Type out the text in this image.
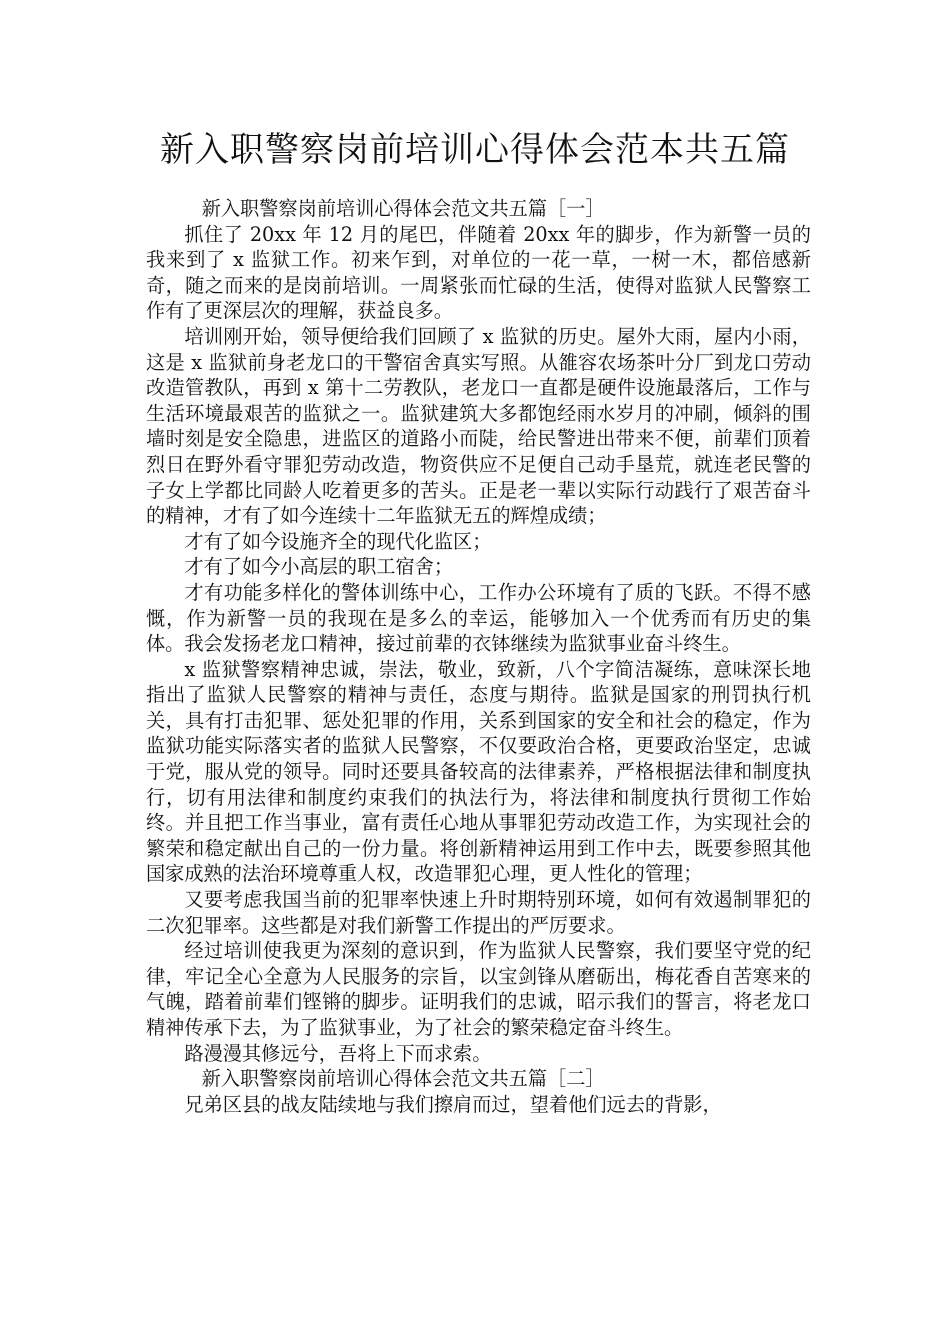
新入职警察岗前培训心得体会范本共五篇

新入职警察岗前培训心得体会范文共五篇［一］

抓住了 20xx 年 12 月的尾巴，伴随着 20xx 年的脚步，作为新警一员的我来到了 x 监狱工作。初来乍到，对单位的一花一草，一树一木，都倍感新奇，随之而来的是岗前培训。一周紧张而忙碌的生活，使得对监狱人民警察工作有了更深层次的理解，获益良多。

培训刚开始，领导便给我们回顾了 x 监狱的历史。屋外大雨，屋内小雨，这是 x 监狱前身老龙口的干警宿舍真实写照。从雒容农场茶叶分厂到龙口劳动改造管教队，再到 x 第十二劳教队，老龙口一直都是硬件设施最落后，工作与生活环境最艰苦的监狱之一。监狱建筑大多都饱经雨水岁月的冲刷，倾斜的围墙时刻是安全隐患，进监区的道路小而陡，给民警进出带来不便，前辈们顶着烈日在野外看守罪犯劳动改造，物资供应不足便自己动手垦荒，就连老民警的子女上学都比同龄人吃着更多的苦头。正是老一辈以实际行动践行了艰苦奋斗的精神，才有了如今连续十二年监狱无五的辉煌成绩；

才有了如今设施齐全的现代化监区；

才有了如今小高层的职工宿舍；

才有功能多样化的警体训练中心，工作办公环境有了质的飞跃。不得不感慨，作为新警一员的我现在是多么的幸运，能够加入一个优秀而有历史的集体。我会发扬老龙口精神，接过前辈的衣钵继续为监狱事业奋斗终生。

x 监狱警察精神忠诚，崇法，敬业，致新，八个字简洁凝练，意味深长地指出了监狱人民警察的精神与责任，态度与期待。监狱是国家的刑罚执行机关，具有打击犯罪、惩处犯罪的作用，关系到国家的安全和社会的稳定，作为监狱功能实际落实者的监狱人民警察，不仅要政治合格，更要政治坚定，忠诚于党，服从党的领导。同时还要具备较高的法律素养，严格根据法律和制度执行，切有用法律和制度约束我们的执法行为，将法律和制度执行贯彻工作始终。并且把工作当事业，富有责任心地从事罪犯劳动改造工作，为实现社会的繁荣和稳定献出自己的一份力量。将创新精神运用到工作中去，既要参照其他国家成熟的法治环境尊重人权，改造罪犯心理，更人性化的管理；

又要考虑我国当前的犯罪率快速上升时期特别环境，如何有效遏制罪犯的二次犯罪率。这些都是对我们新警工作提出的严厉要求。

经过培训使我更为深刻的意识到，作为监狱人民警察，我们要坚守党的纪律，牢记全心全意为人民服务的宗旨，以宝剑锋从磨砺出，梅花香自苦寒来的气魄，踏着前辈们铿锵的脚步。证明我们的忠诚，昭示我们的誓言，将老龙口精神传承下去，为了监狱事业，为了社会的繁荣稳定奋斗终生。

路漫漫其修远兮，吾将上下而求索。

新入职警察岗前培训心得体会范文共五篇［二］

兄弟区县的战友陆续地与我们擦肩而过，望着他们远去的背影，
